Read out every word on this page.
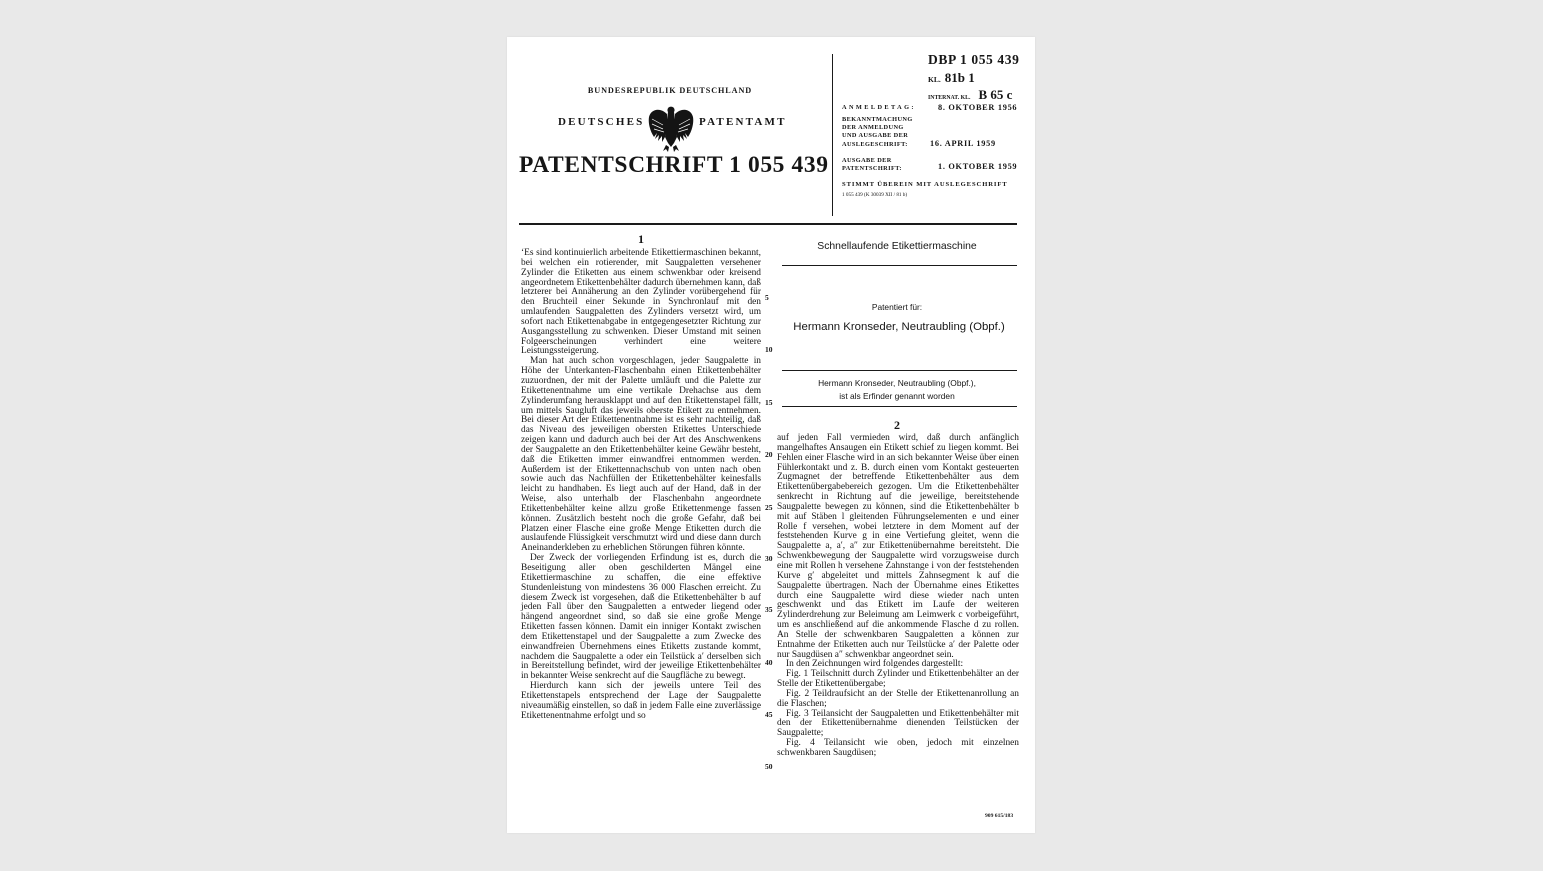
BUNDESREPUBLIK DEUTSCHLAND
DEUTSCHES	PATENTAMT
PATENTSCHRIFT 1 055 439
DBP 1 055 439
KL. 81b 1
INTERNAT. KL. B 65 c
ANMELDETAG:	8. OKTOBER 1956
BEKANNTMACHUNG
DER ANMELDUNG
UND AUSGABE DER
AUSLEGESCHRIFT:	16. APRIL 1959
AUSGABE DER
PATENTSCHRIFT:	1. OKTOBER 1959
STIMMT ÜBEREIN MIT AUSLEGESCHRIFT
1 055 439 (K 30039 XII / 81 b)
1

ʻEs sind kontinuierlich arbeitende Etikettiermaschinen bekannt, bei welchen ein rotierender, mit Saugpaletten versehener Zylinder die Etiketten aus einem schwenkbar oder kreisend angeordnetem Etikettenbehälter dadurch übernehmen kann, daß letzterer bei Annäherung an den Zylinder vorübergehend für den Bruchteil einer Sekunde in Synchronlauf mit den umlaufenden Saugpaletten des Zylinders versetzt wird, um sofort nach Etikettenabgabe in entgegengesetzter Richtung zur Ausgangsstellung zu schwenken. Dieser Umstand mit seinen Folgeerscheinungen verhindert eine weitere Leistungssteigerung.

Man hat auch schon vorgeschlagen, jeder Saugpalette in Höhe der Unterkanten-Flaschenbahn einen Etikettenbehälter zuzuordnen, der mit der Palette umläuft und die Palette zur Etikettenentnahme um eine vertikale Drehachse aus dem Zylinderumfang herausklappt und auf den Etikettenstapel fällt, um mittels Saugluft das jeweils oberste Etikett zu entnehmen. Bei dieser Art der Etikettenentnahme ist es sehr nachteilig, daß das Niveau des jeweiligen obersten Etikettes Unterschiede zeigen kann und dadurch auch bei der Art des Anschwenkens der Saugpalette an den Etikettenbehälter keine Gewähr besteht, daß die Etiketten immer einwandfrei entnommen werden. Außerdem ist der Etikettennachschub von unten nach oben sowie auch das Nachfüllen der Etikettenbehälter keinesfalls leicht zu handhaben. Es liegt auch auf der Hand, daß in der Weise, also unterhalb der Flaschenbahn angeordnete Etikettenbehälter keine allzu große Etikettenmenge fassen können. Zusätzlich besteht noch die große Gefahr, daß bei Platzen einer Flasche eine große Menge Etiketten durch die auslaufende Flüssigkeit verschmutzt wird und diese dann durch Aneinanderkleben zu erheblichen Störungen führen könnte.

Der Zweck der vorliegenden Erfindung ist es, durch die Beseitigung aller oben geschilderten Mängel eine Etikettiermaschine zu schaffen, die eine effektive Stundenleistung von mindestens 36 000 Flaschen erreicht. Zu diesem Zweck ist vorgesehen, daß die Etikettenbehälter b auf jeden Fall über den Saugpaletten a entweder liegend oder hängend angeordnet sind, so daß sie eine große Menge Etiketten fassen können. Damit ein inniger Kontakt zwischen dem Etikettenstapel und der Saugpalette a zum Zwecke des einwandfreien Übernehmens eines Etiketts zustande kommt, nachdem die Saugpalette a oder ein Teilstück a′ derselben sich in Bereitstellung befindet, wird der jeweilige Etikettenbehälter in bekannter Weise senkrecht auf die Saugfläche zu bewegt.

Hierdurch kann sich der jeweils untere Teil des Etikettenstapels entsprechend der Lage der Saugpalette niveaumäßig einstellen, so daß in jedem Falle eine zuverlässige Etikettenentnahme erfolgt und so

5
10
15
20
25
30
35
40
45
50
Schnellaufende Etikettiermaschine
Patentiert für:
Hermann Kronseder, Neutraubling (Obpf.)
Hermann Kronseder, Neutraubling (Obpf.),
ist als Erfinder genannt worden
2

auf jeden Fall vermieden wird, daß durch anfänglich mangelhaftes Ansaugen ein Etikett schief zu liegen kommt. Bei Fehlen einer Flasche wird in an sich bekannter Weise über einen Fühlerkontakt und z. B. durch einen vom Kontakt gesteuerten Zugmagnet der betreffende Etikettenbehälter aus dem Etikettenübergabebereich gezogen. Um die Etikettenbehälter senkrecht in Richtung auf die jeweilige, bereitstehende Saugpalette bewegen zu können, sind die Etikettenbehälter b mit auf Stäben l gleitenden Führungselementen e und einer Rolle f versehen, wobei letztere in dem Moment auf der feststehenden Kurve g in eine Vertiefung gleitet, wenn die Saugpalette a, a′, a″ zur Etikettenübernahme bereitsteht. Die Schwenkbewegung der Saugpalette wird vorzugsweise durch eine mit Rollen h versehene Zahnstange i von der feststehenden Kurve g′ abgeleitet und mittels Zahnsegment k auf die Saugpalette übertragen. Nach der Übernahme eines Etikettes durch eine Saugpalette wird diese wieder nach unten geschwenkt und das Etikett im Laufe der weiteren Zylinderdrehung zur Beleimung am Leimwerk c vorbeigeführt, um es anschließend auf die ankommende Flasche d zu rollen. An Stelle der schwenkbaren Saugpaletten a können zur Entnahme der Etiketten auch nur Teilstücke a′ der Palette oder nur Saugdüsen a″ schwenkbar angeordnet sein.

In den Zeichnungen wird folgendes dargestellt:

Fig. 1 Teilschnitt durch Zylinder und Etikettenbehälter an der Stelle der Etikettenübergabe;

Fig. 2 Teildraufsicht an der Stelle der Etikettenanrollung an die Flaschen;

Fig. 3 Teilansicht der Saugpaletten und Etikettenbehälter mit den der Etikettenübernahme dienenden Teilstücken der Saugpalette;

Fig. 4 Teilansicht wie oben, jedoch mit einzelnen schwenkbaren Saugdüsen;

909 615/183
